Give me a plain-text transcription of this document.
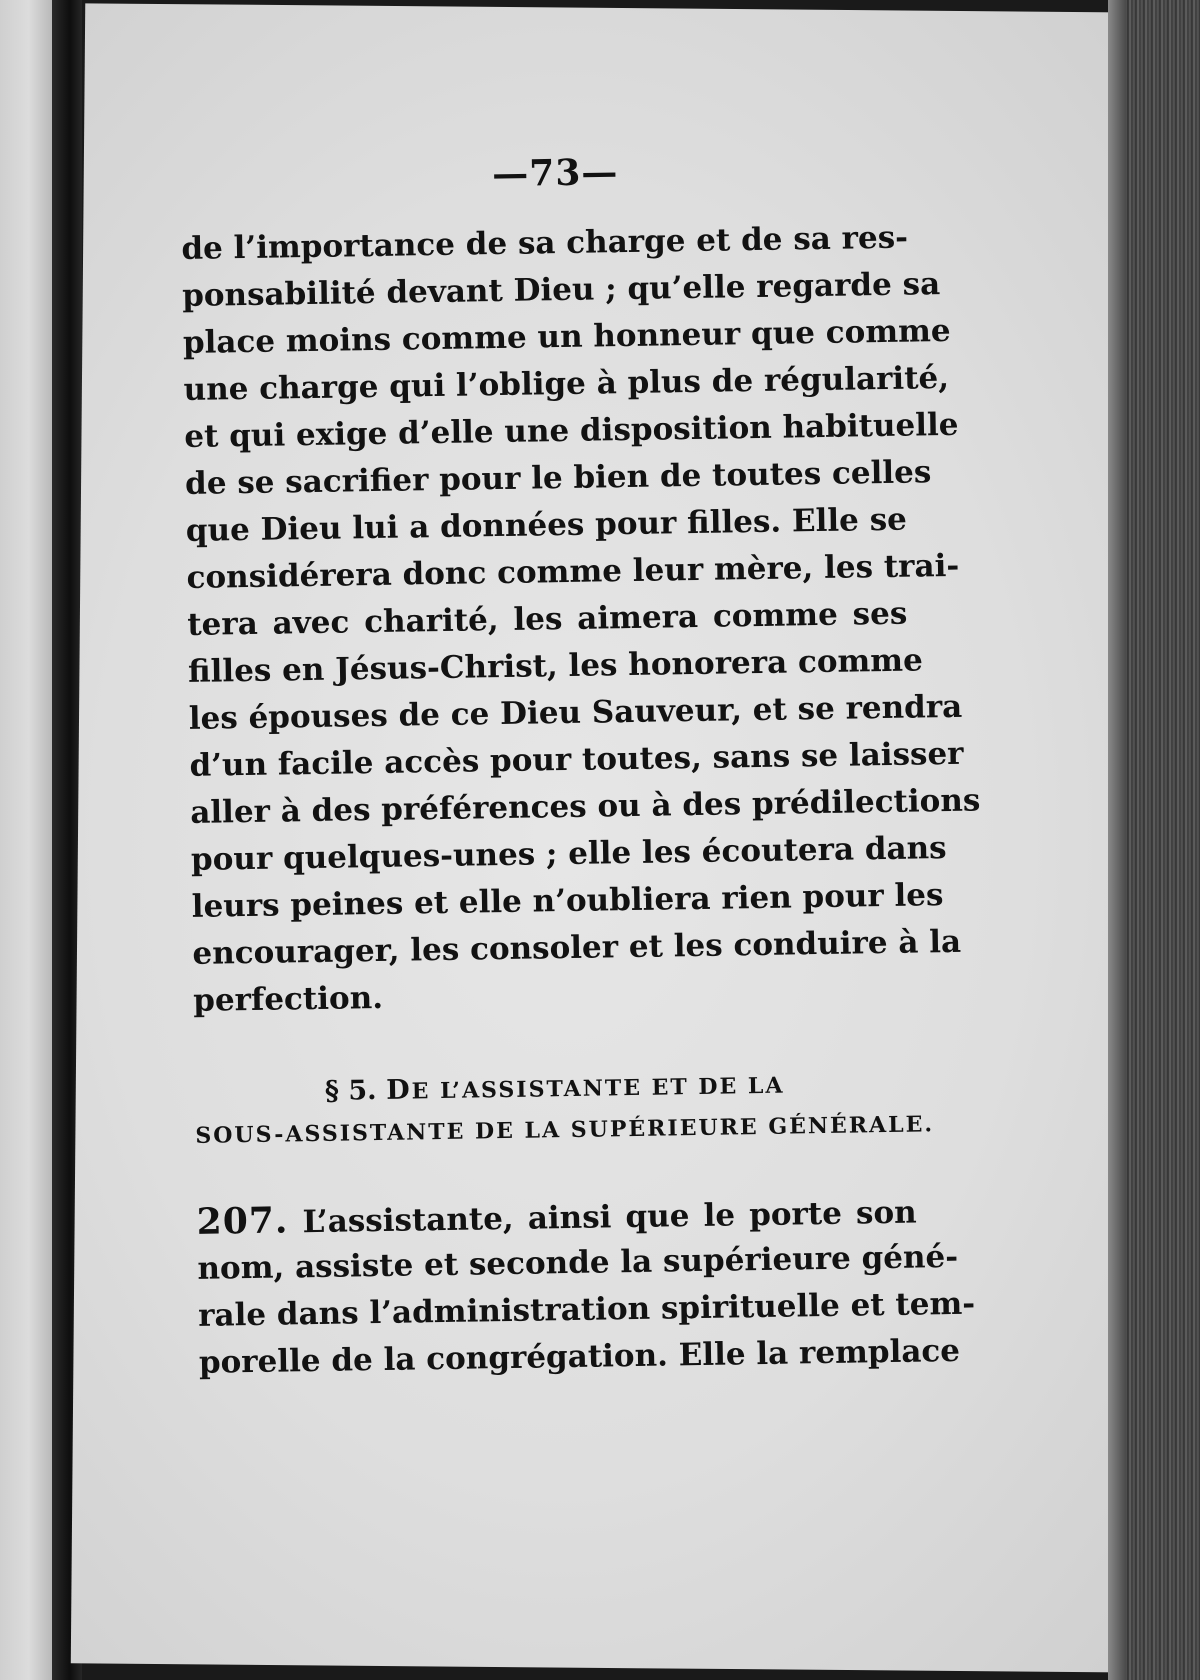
—73—
de l’importance de sa charge et de sa res-
ponsabilité devant Dieu ; qu’elle regarde sa
place moins comme un honneur que comme
une charge qui l’oblige à plus de régularité,
et qui exige d’elle une disposition habituelle
de se sacrifier pour le bien de toutes celles
que Dieu lui a données pour filles. Elle se
considérera donc comme leur mère, les trai-
tera avec charité, les aimera comme ses
filles en Jésus-Christ, les honorera comme
les épouses de ce Dieu Sauveur, et se rendra
d’un facile accès pour toutes, sans se laisser
aller à des préférences ou à des prédilections
pour quelques-unes ; elle les écoutera dans
leurs peines et elle n’oubliera rien pour les
encourager, les consoler et les conduire à la
perfection.
§ 5. DE L’ASSISTANTE ET DE LA
SOUS-ASSISTANTE DE LA SUPÉRIEURE GÉNÉRALE.
207. L’assistante, ainsi que le porte son
nom, assiste et seconde la supérieure géné-
rale dans l’administration spirituelle et tem-
porelle de la congrégation. Elle la remplace
